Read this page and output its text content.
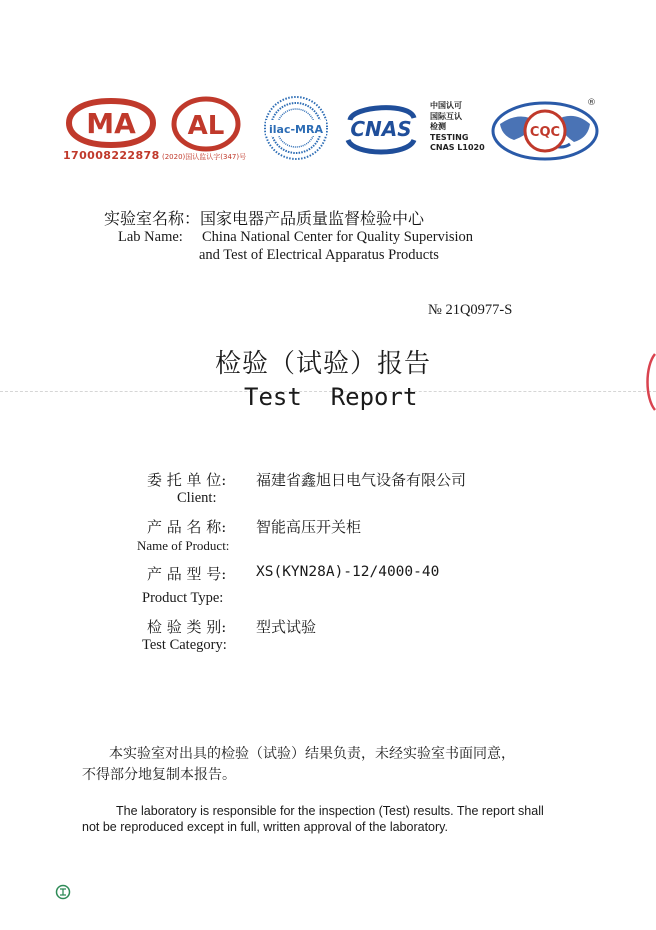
MA
170008222878
AL
(2020)国认监认字(347)号
ilac-MRA CNAS
中国认可
国际互认
检测
TESTING
CNAS L1020
CQC
®
实验室名称：国家电器产品质量监督检验中心
Lab Name: China National Center for Quality Supervision
and Test of Electrical Apparatus Products
№ 21Q0977-S
检验（试验）报告
Test  Report
委 托 单 位: 福建省鑫旭日电气设备有限公司
Client:
产 品 名 称: 智能高压开关柜
Name of Product:
产 品 型 号: XS(KYN28A)-12/4000-40
Product Type:
检 验 类 别: 型式试验
Test Category:
本实验室对出具的检验（试验）结果负责，未经实验室书面同意，
不得部分地复制本报告。
The laboratory is responsible for the inspection (Test) results. The report shall
not be reproduced except in full, written approval of the laboratory.
